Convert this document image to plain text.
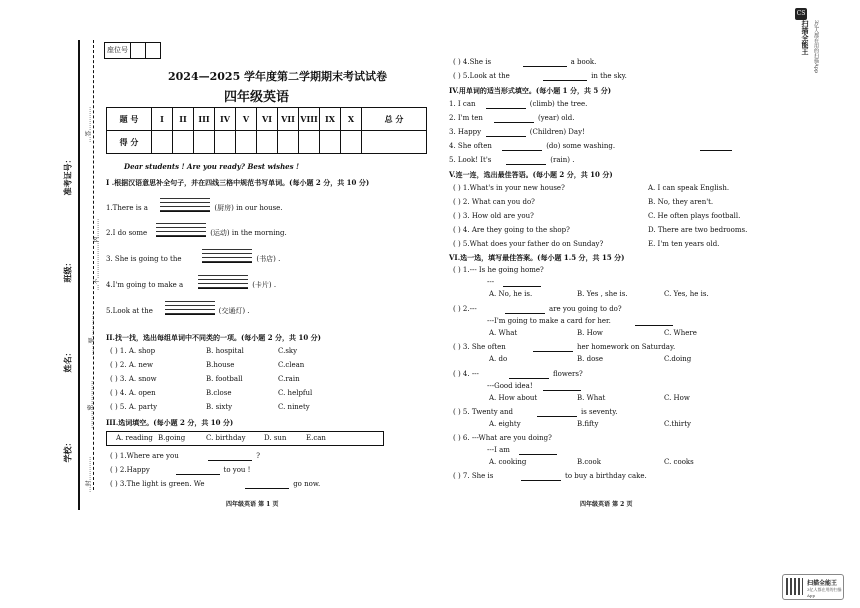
…答…………
…不………………内………
……要…………
………密…………
…封…………
准考证号：
班级：
姓名：
学校：
座位号
2024—2025 学年度第二学期期末考试试卷
四年级英语
题 号	I	II	III	IV	V	VI	VII	VIII	IX	X	总 分
得 分											
Dear students ! Are you ready? Best wishes !
I .根据汉语意思补全句子，并在四线三格中规范书写单词。(每小题 2 分，共 10 分)
1.There is a	(厨房) in our house.
2.I do some	(运动) in the morning.
3. She is going to the	(书店) .
4.I'm going to make a	(卡片) .
5.Look at the	(交通灯) .
II.找一找，选出每组单词中不同类的一项。(每小题 2 分，共 10 分)
( ) 1. A. shop	B. hospital	C.sky
( ) 2. A. new	B.house	C.clean
( ) 3. A. snow	B. football	C.rain
( ) 4. A. open	B.close	C. helpful
( ) 5. A. party	B. sixty	C. ninety
III.选词填空。(每小题 2 分，共 10 分)
A. reading B.going	C. birthday	D. sun	E.can
( ) 1.Where are you	?
( ) 2.Happy	to you !
( ) 3.The light is green. We	go now.
四年级英语 第 1 页
( ) 4.She is	a book.
( ) 5.Look at the	in the sky.
IV.用单词的适当形式填空。(每小题 1 分，共 5 分)
1. I can	(climb) the tree.
2. I'm ten	(year) old.
3. Happy	(Children) Day!
4. She often	(do) some washing.
5. Look! It's	(rain) .
V.连一连，选出最佳答语。(每小题 2 分，共 10 分)
( ) 1.What's in your new house?	A. I can speak English.
( ) 2. What can you do?	B. No, they aren't.
( ) 3. How old are you?	C. He often plays football.
( ) 4. Are they going to the shop?	D. There are two bedrooms.
( ) 5.What does your father do on Sunday?	E. I'm ten years old.
VI.选一选，填写最佳答案。(每小题 1.5 分，共 15 分)
( ) 1.--- Is he going home?
---
A. No, he is.	B. Yes , she is.	C. Yes, he is.
( ) 2.---	are you going to do?
---I'm going to make a card for her.
A. What	B. How	C. Where
( ) 3. She often	her homework on Saturday.
A. do	B. dose	C.doing
( ) 4. ---	flowers?
---Good idea!
A. How about	B. What	C. How
( ) 5. Twenty and	is seventy.
A. eighty	B.fifty	C.thirty
( ) 6. ---What are you doing?
---I am
A. cooking	B.cook	C. cooks
( ) 7. She is	to buy a birthday cake.
四年级英语 第 2 页
CS
扫描全能王 3亿人都在用的扫描App
扫描全能王
3亿人都在用的扫描App
